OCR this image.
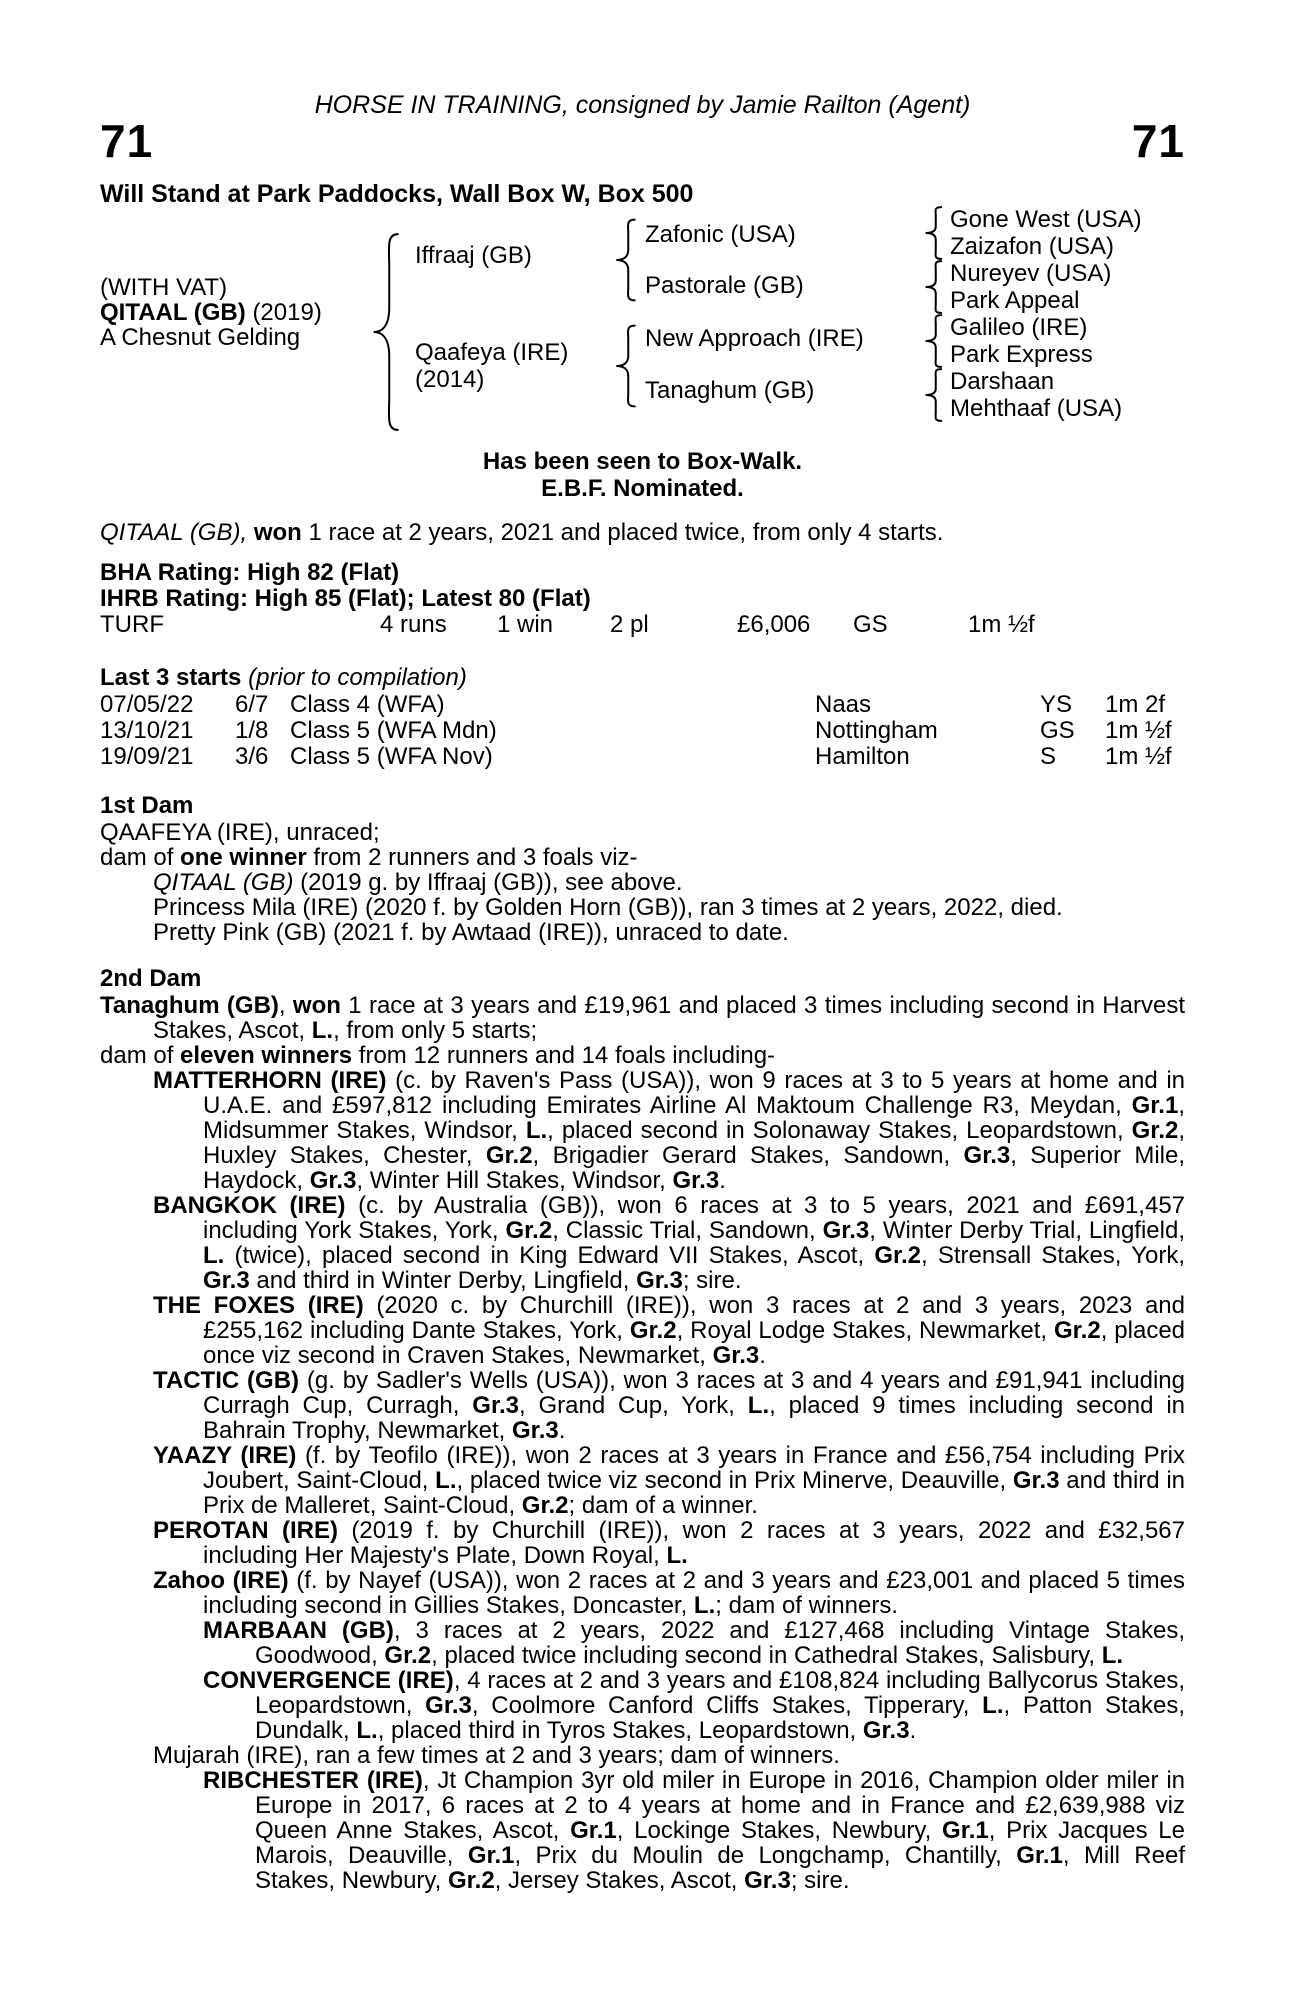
HORSE IN TRAINING, consigned by Jamie Railton (Agent)
71	71
Will Stand at Park Paddocks, Wall Box W, Box 500
(WITH VAT)
QITAAL (GB) (2019)
A Chesnut Gelding
Iffraaj (GB)
Qaafeya (IRE)
(2014)
Zafonic (USA)
Pastorale (GB)
New Approach (IRE)
Tanaghum (GB)
Gone West (USA)
Zaizafon (USA)
Nureyev (USA)
Park Appeal
Galileo (IRE)
Park Express
Darshaan
Mehthaaf (USA)
Has been seen to Box-Walk.
E.B.F. Nominated.

QITAAL (GB), won 1 race at 2 years, 2021 and placed twice, from only 4 starts.

BHA Rating: High 82 (Flat)
IHRB Rating: High 85 (Flat); Latest 80 (Flat)
TURF	4 runs	1 win	2 pl	£6,006	GS	1m ½f
Last 3 starts (prior to compilation)
07/05/22	6/7 Class 4 (WFA)	Naas	YS	1m 2f
13/10/21	1/8 Class 5 (WFA Mdn)	Nottingham	GS	1m ½f
19/09/21	3/6 Class 5 (WFA Nov)	Hamilton	S	1m ½f
1st Dam

QAAFEYA (IRE), unraced;

dam of one winner from 2 runners and 3 foals viz-

QITAAL (GB) (2019 g. by Iffraaj (GB)), see above.

Princess Mila (IRE) (2020 f. by Golden Horn (GB)), ran 3 times at 2 years, 2022, died.

Pretty Pink (GB) (2021 f. by Awtaad (IRE)), unraced to date.

2nd Dam

Tanaghum (GB), won 1 race at 3 years and £19,961 and placed 3 times including second in Harvest Stakes, Ascot, L., from only 5 starts;

dam of eleven winners from 12 runners and 14 foals including-

MATTERHORN (IRE) (c. by Raven's Pass (USA)), won 9 races at 3 to 5 years at home and in U.A.E. and £597,812 including Emirates Airline Al Maktoum Challenge R3, Meydan, Gr.1, Midsummer Stakes, Windsor, L., placed second in Solonaway Stakes, Leopardstown, Gr.2, Huxley Stakes, Chester, Gr.2, Brigadier Gerard Stakes, Sandown, Gr.3, Superior Mile, Haydock, Gr.3, Winter Hill Stakes, Windsor, Gr.3.

BANGKOK (IRE) (c. by Australia (GB)), won 6 races at 3 to 5 years, 2021 and £691,457 including York Stakes, York, Gr.2, Classic Trial, Sandown, Gr.3, Winter Derby Trial, Lingfield, L. (twice), placed second in King Edward VII Stakes, Ascot, Gr.2, Strensall Stakes, York, Gr.3 and third in Winter Derby, Lingfield, Gr.3; sire.

THE FOXES (IRE) (2020 c. by Churchill (IRE)), won 3 races at 2 and 3 years, 2023 and £255,162 including Dante Stakes, York, Gr.2, Royal Lodge Stakes, Newmarket, Gr.2, placed once viz second in Craven Stakes, Newmarket, Gr.3.

TACTIC (GB) (g. by Sadler's Wells (USA)), won 3 races at 3 and 4 years and £91,941 including Curragh Cup, Curragh, Gr.3, Grand Cup, York, L., placed 9 times including second in Bahrain Trophy, Newmarket, Gr.3.

YAAZY (IRE) (f. by Teofilo (IRE)), won 2 races at 3 years in France and £56,754 including Prix Joubert, Saint-Cloud, L., placed twice viz second in Prix Minerve, Deauville, Gr.3 and third in Prix de Malleret, Saint-Cloud, Gr.2; dam of a winner.

PEROTAN (IRE) (2019 f. by Churchill (IRE)), won 2 races at 3 years, 2022 and £32,567 including Her Majesty's Plate, Down Royal, L.

Zahoo (IRE) (f. by Nayef (USA)), won 2 races at 2 and 3 years and £23,001 and placed 5 times including second in Gillies Stakes, Doncaster, L.; dam of winners.

MARBAAN (GB), 3 races at 2 years, 2022 and £127,468 including Vintage Stakes, Goodwood, Gr.2, placed twice including second in Cathedral Stakes, Salisbury, L.

CONVERGENCE (IRE), 4 races at 2 and 3 years and £108,824 including Ballycorus Stakes, Leopardstown, Gr.3, Coolmore Canford Cliffs Stakes, Tipperary, L., Patton Stakes, Dundalk, L., placed third in Tyros Stakes, Leopardstown, Gr.3.

Mujarah (IRE), ran a few times at 2 and 3 years; dam of winners.

RIBCHESTER (IRE), Jt Champion 3yr old miler in Europe in 2016, Champion older miler in Europe in 2017, 6 races at 2 to 4 years at home and in France and £2,639,988 viz Queen Anne Stakes, Ascot, Gr.1, Lockinge Stakes, Newbury, Gr.1, Prix Jacques Le Marois, Deauville, Gr.1, Prix du Moulin de Longchamp, Chantilly, Gr.1, Mill Reef Stakes, Newbury, Gr.2, Jersey Stakes, Ascot, Gr.3; sire.
